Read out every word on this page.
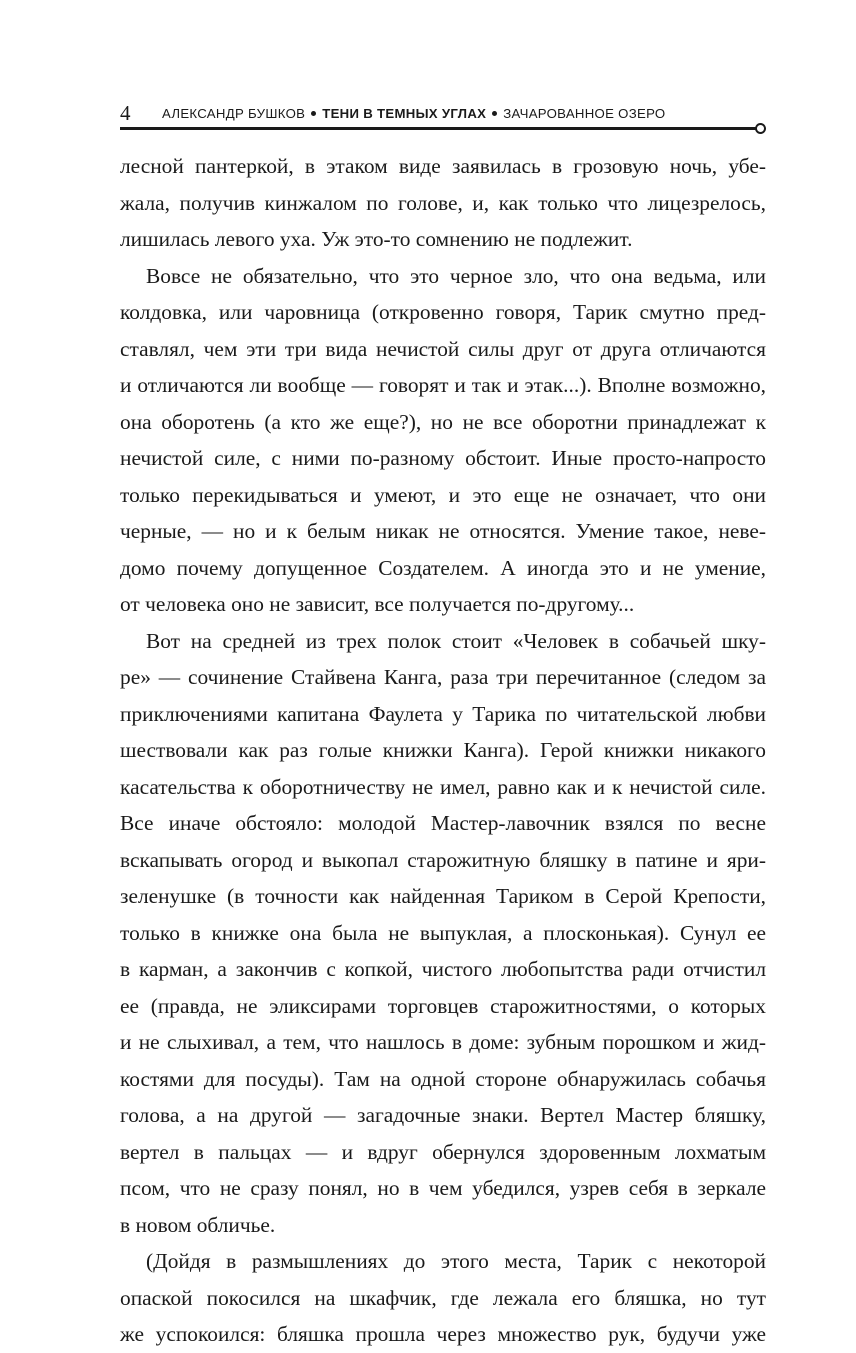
4 АЛЕКСАНДР БУШКОВ ТЕНИ В ТЕМНЫХ УГЛАХ ЗАЧАРОВАННОЕ ОЗЕРО
лесной пантеркой, в этаком виде заявилась в грозовую ночь, убе-
жала, получив кинжалом по голове, и, как только что лицезрелось,
лишилась левого уха. Уж это-то сомнению не подлежит.
Вовсе не обязательно, что это черное зло, что она ведьма, или
колдовка, или чаровница (откровенно говоря, Тарик смутно пред-
ставлял, чем эти три вида нечистой силы друг от друга отличаются
и отличаются ли вообще — говорят и так и этак...). Вполне возможно,
она оборотень (а кто же еще?), но не все оборотни принадлежат к
нечистой силе, с ними по-разному обстоит. Иные просто-напросто
только перекидываться и умеют, и это еще не означает, что они
черные, — но и к белым никак не относятся. Умение такое, неве-
домо почему допущенное Создателем. А иногда это и не умение,
от человека оно не зависит, все получается по-другому...
Вот на средней из трех полок стоит «Человек в собачьей шку-
ре» — сочинение Стайвена Канга, раза три перечитанное (следом за
приключениями капитана Фаулета у Тарика по читательской любви
шествовали как раз голые книжки Канга). Герой книжки никакого
касательства к оборотничеству не имел, равно как и к нечистой силе.
Все иначе обстояло: молодой Мастер-лавочник взялся по весне
вскапывать огород и выкопал старожитную бляшку в патине и яри-
зеленушке (в точности как найденная Тариком в Серой Крепости,
только в книжке она была не выпуклая, а плосконькая). Сунул ее
в карман, а закончив с копкой, чистого любопытства ради отчистил
ее (правда, не эликсирами торговцев старожитностями, о которых
и не слыхивал, а тем, что нашлось в доме: зубным порошком и жид-
костями для посуды). Там на одной стороне обнаружилась собачья
голова, а на другой — загадочные знаки. Вертел Мастер бляшку,
вертел в пальцах — и вдруг обернулся здоровенным лохматым
псом, что не сразу понял, но в чем убедился, узрев себя в зеркале
в новом обличье.
(Дойдя в размышлениях до этого места, Тарик с некоторой
опаской покосился на шкафчик, где лежала его бляшка, но тут
же успокоился: бляшка прошла через множество рук, будучи уже
